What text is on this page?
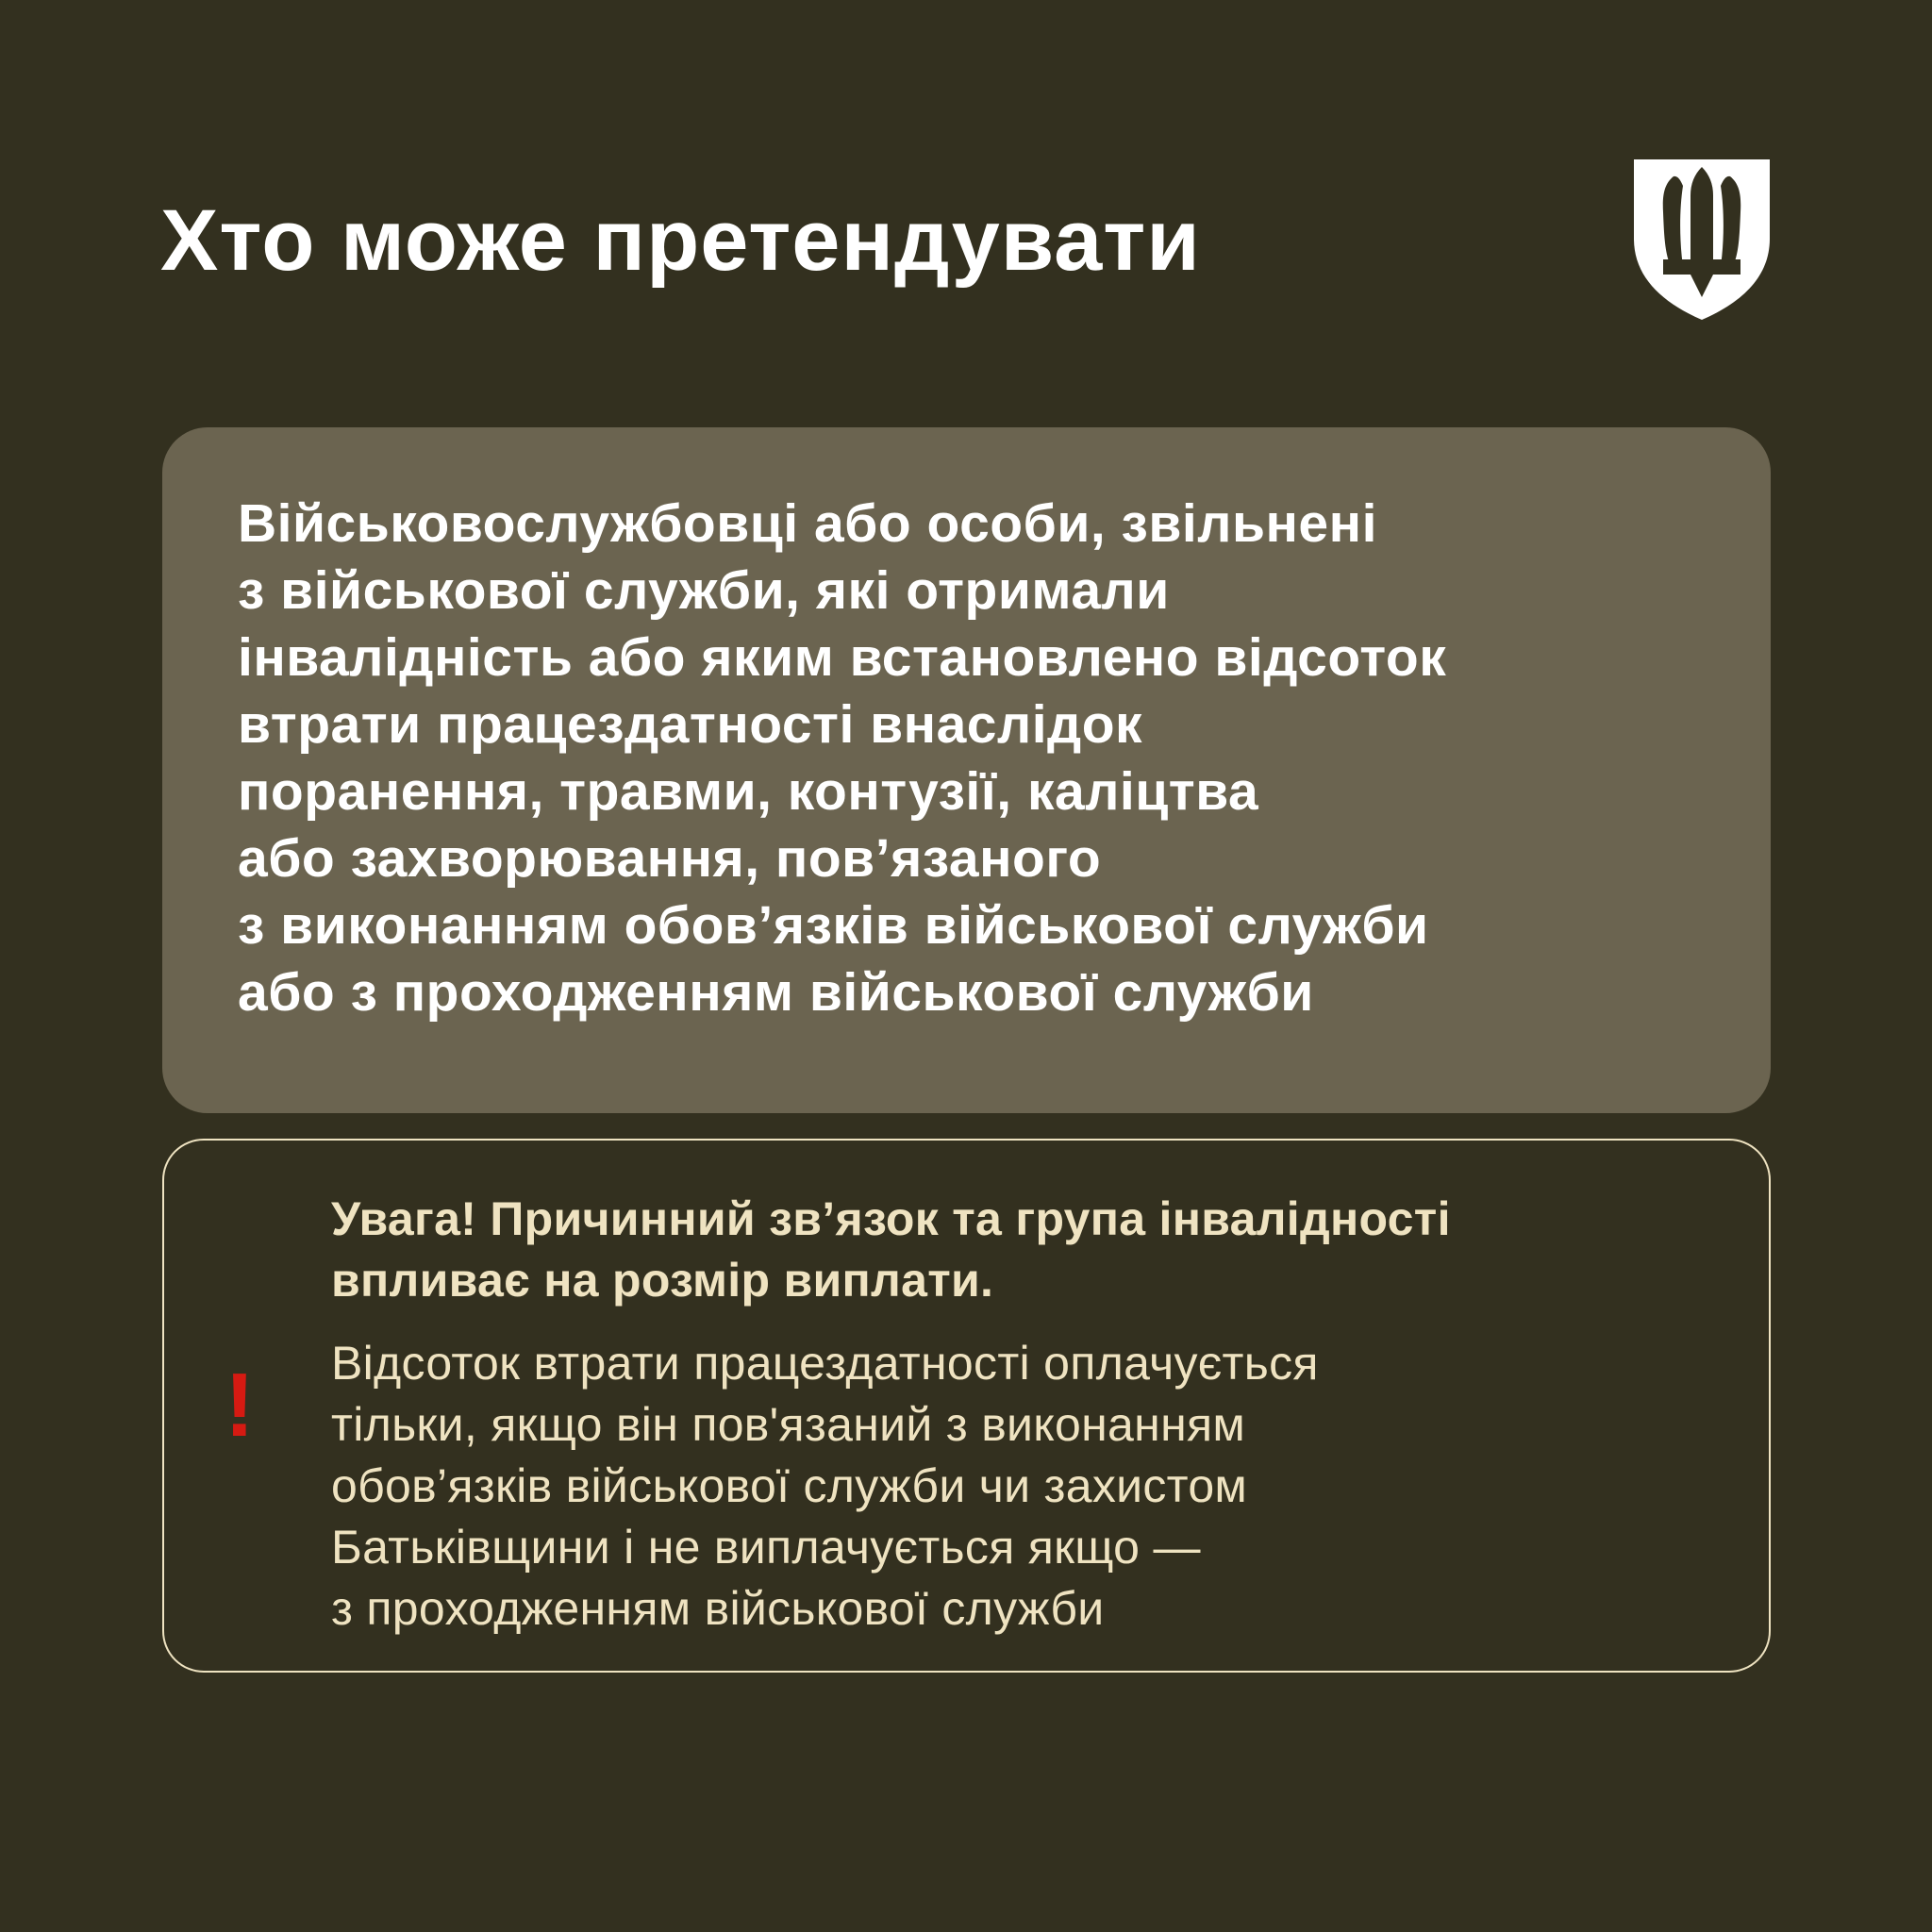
Хто може претендувати
Військовослужбовці або особи, звільнені
з військової служби, які отримали
інвалідність або яким встановлено відсоток
втрати працездатності внаслідок
поранення, травми, контузії, каліцтва
або захворювання, пов’язаного
з виконанням обов’язків військової служби
або з проходженням військової служби
!
Увага! Причинний зв’язок та група інвалідності
впливає на розмір виплати.
Відсоток втрати працездатності оплачується
тільки, якщо він пов'язаний з виконанням
обов’язків військової служби чи захистом
Батьківщини і не виплачується якщо —
з проходженням військової служби
